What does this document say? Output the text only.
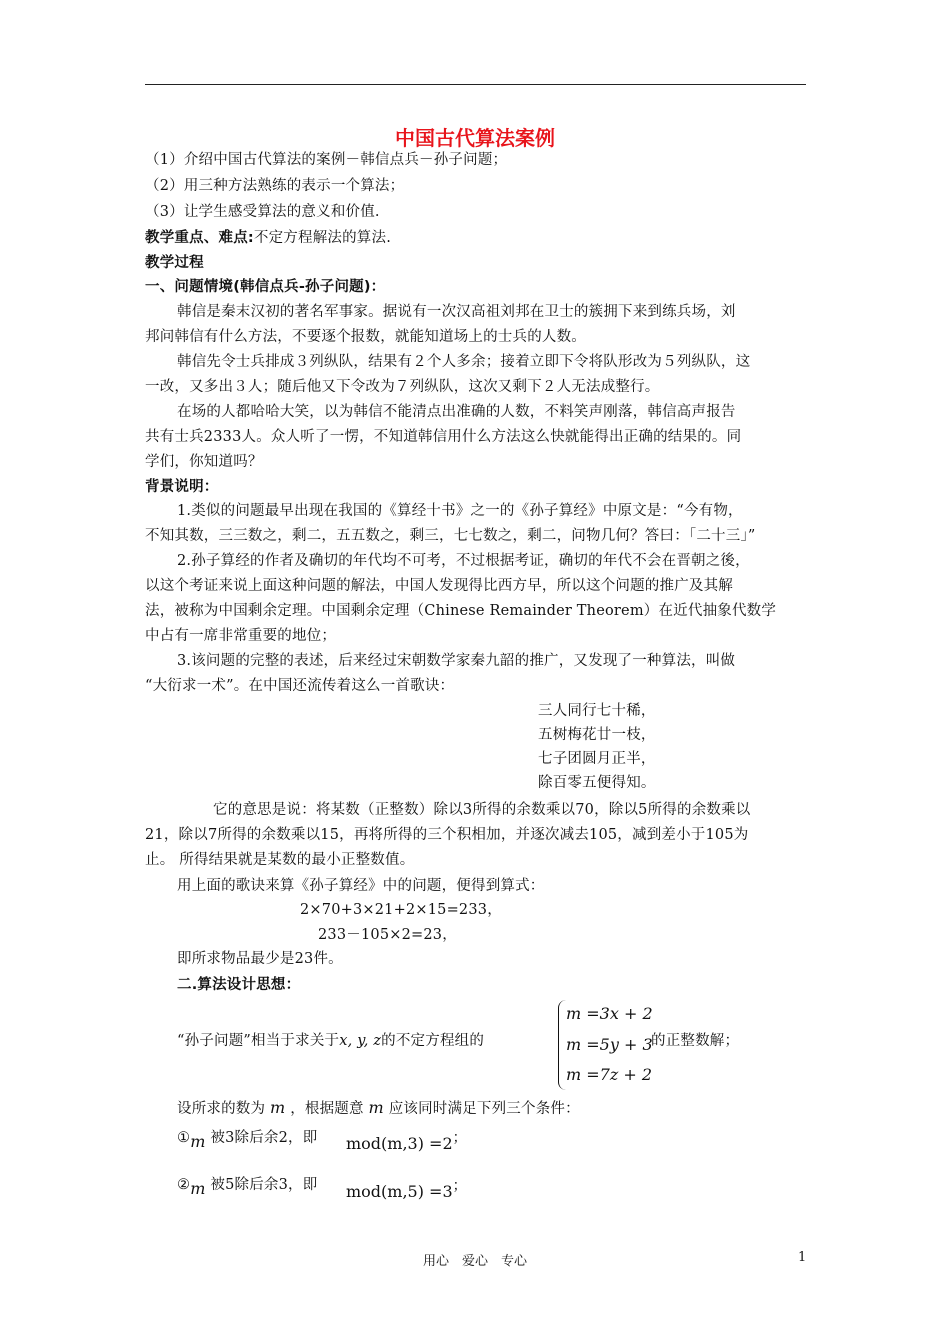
中国古代算法案例
（1）介绍中国古代算法的案例－韩信点兵－孙子问题；
（2）用三种方法熟练的表示一个算法；
（3）让学生感受算法的意义和价值.
教学重点、难点:不定方程解法的算法.
教学过程
一、问题情境(韩信点兵-孙子问题)：
韩信是秦末汉初的著名军事家。据说有一次汉高祖刘邦在卫士的簇拥下来到练兵场，刘
邦问韩信有什么方法，不要逐个报数，就能知道场上的士兵的人数。
韩信先令士兵排成３列纵队，结果有２个人多余；接着立即下令将队形改为５列纵队，这
一改，又多出３人；随后他又下令改为７列纵队，这次又剩下２人无法成整行。
在场的人都哈哈大笑，以为韩信不能清点出准确的人数，不料笑声刚落，韩信高声报告
共有士兵2333人。众人听了一愣，不知道韩信用什么方法这么快就能得出正确的结果的。同
学们，你知道吗？
背景说明：
1.类似的问题最早出现在我国的《算经十书》之一的《孙子算经》中原文是：“今有物，
不知其数，三三数之，剩二，五五数之，剩三，七七数之，剩二，问物几何？答曰：「二十三」”
2.孙子算经的作者及确切的年代均不可考，不过根据考证，确切的年代不会在晋朝之後，
以这个考证来说上面这种问题的解法，中国人发现得比西方早，所以这个问题的推广及其解
法，被称为中国剩余定理。中国剩余定理（Chinese Remainder Theorem）在近代抽象代数学
中占有一席非常重要的地位；
3.该问题的完整的表述，后来经过宋朝数学家秦九韶的推广，又发现了一种算法，叫做
“大衍求一术”。在中国还流传着这么一首歌诀：
三人同行七十稀，
五树梅花廿一枝，
七子团圆月正半，
除百零五便得知。
它的意思是说：将某数（正整数）除以3所得的余数乘以70，除以5所得的余数乘以
21，除以7所得的余数乘以15，再将所得的三个积相加，并逐次减去105，减到差小于105为
止。 所得结果就是某数的最小正整数值。
用上面的歌诀来算《孙子算经》中的问题，便得到算式：
2×70+3×21+2×15=233，
233－105×2=23，
即所求物品最少是23件。
二.算法设计思想：
“孙子问题”相当于求关于x, y, z的不定方程组的
m =3x + 2
m =5y + 3
m =7z + 2
的正整数解；
设所求的数为 m ，根据题意 m 应该同时满足下列三个条件：
①m 被3除后余2，即	mod(m,3) =2；
②m 被5除后余3，即	mod(m,5) =3；
用心　爱心　专心	1
